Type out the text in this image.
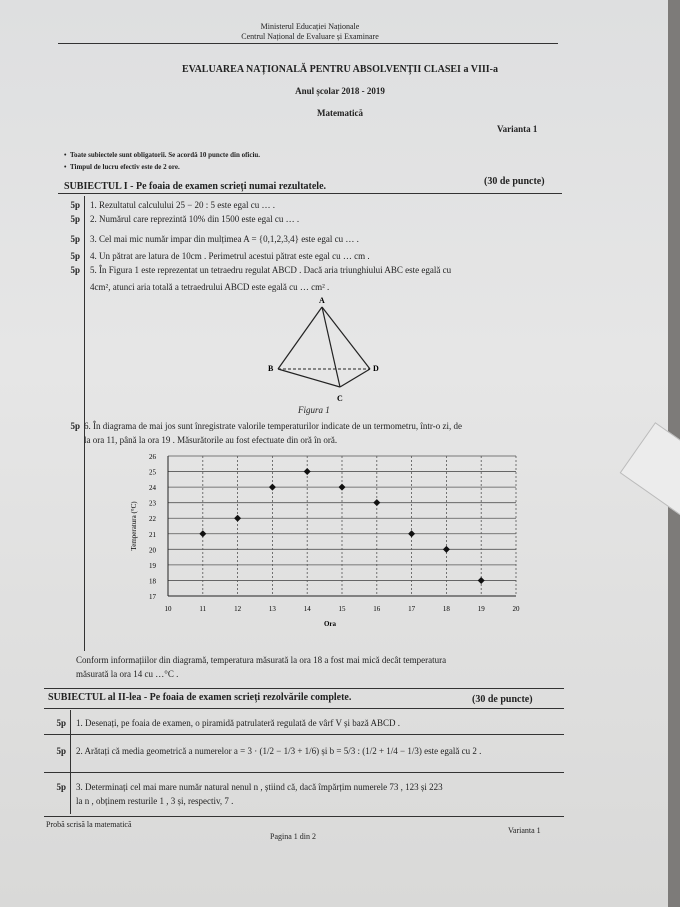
Ministerul Educației Naționale
Centrul Național de Evaluare și Examinare
EVALUAREA NAȚIONALĂ PENTRU ABSOLVENȚII CLASEI a VIII-a
Anul școlar 2018 - 2019
Matematică
Varianta 1
•  Toate subiectele sunt obligatorii. Se acordă 10 puncte din oficiu.
•  Timpul de lucru efectiv este de 2 ore.
SUBIECTUL I - Pe foaia de examen scrieți numai rezultatele.	(30 de puncte)
5p 1. Rezultatul calculului 25 − 20 : 5 este egal cu … .
5p 2. Numărul care reprezintă 10% din 1500 este egal cu … .
5p 3. Cel mai mic număr impar din mulțimea A = {0,1,2,3,4} este egal cu … .
5p 4. Un pătrat are latura de 10cm . Perimetrul acestui pătrat este egal cu … cm .
5p 5. În Figura 1 este reprezentat un tetraedru regulat ABCD . Dacă aria triunghiului ABC este egală cu
4cm², atunci aria totală a tetraedrului ABCD este egală cu … cm² .
A
B
C
D
Figura 1
5p 6. În diagrama de mai jos sunt înregistrate valorile temperaturilor indicate de un termometru, într-o zi, de
la ora 11, până la ora 19 . Măsurătorile au fost efectuate din oră în oră.
17
18
19
20
21
22
23
24
25
26
10	11	12	13	14	15	16	17	18	19	20
Ora
Temperatura (°C)
Conform informațiilor din diagramă, temperatura măsurată la ora 18 a fost mai mică decât temperatura
măsurată la ora 14 cu …°C .
SUBIECTUL al II-lea - Pe foaia de examen scrieți rezolvările complete.	(30 de puncte)
5p 1. Desenați, pe foaia de examen, o piramidă patrulateră regulată de vârf V și bază ABCD .
5p 2. Arătați că media geometrică a numerelor a = 3 · (1/2 − 1/3 + 1/6) și b = 5/3 : (1/2 + 1/4 − 1/3) este egală cu 2 .
5p 3. Determinați cel mai mare număr natural nenul n , știind că, dacă împărțim numerele 73 , 123 și 223
la n , obținem resturile 1 , 3 și, respectiv, 7 .
Probă scrisă la matematică
Pagina 1 din 2
Varianta 1
